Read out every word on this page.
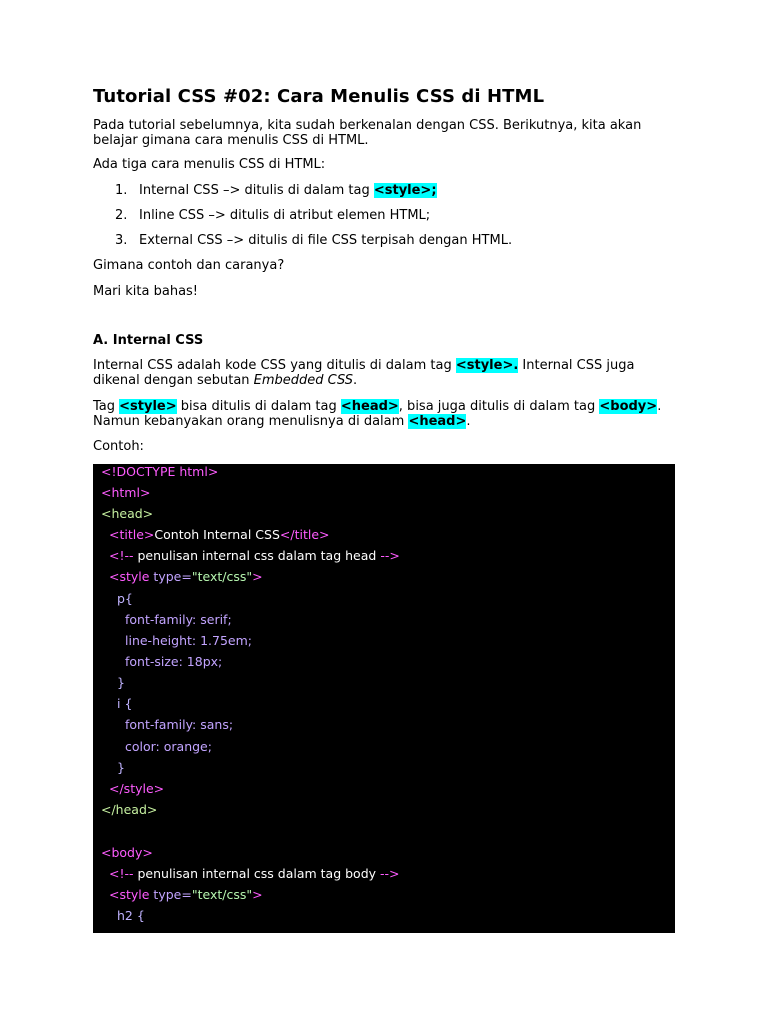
Tutorial CSS #02: Cara Menulis CSS di HTML

Pada tutorial sebelumnya, kita sudah berkenalan dengan CSS. Berikutnya, kita akan

belajar gimana cara menulis CSS di HTML.

Ada tiga cara menulis CSS di HTML:

1. Internal CSS –> ditulis di dalam tag <style>;
2. Inline CSS –> ditulis di atribut elemen HTML;
3. External CSS –> ditulis di file CSS terpisah dengan HTML.

Gimana contoh dan caranya?

Mari kita bahas!

A. Internal CSS

Internal CSS adalah kode CSS yang ditulis di dalam tag <style>. Internal CSS juga

dikenal dengan sebutan Embedded CSS.

Tag <style> bisa ditulis di dalam tag <head>, bisa juga ditulis di dalam tag <body>.

Namun kebanyakan orang menulisnya di dalam <head>.

Contoh:

<!DOCTYPE html>
<html>
<head>
<title>Contoh Internal CSS</title>
<!-- penulisan internal css dalam tag head -->
<style type="text/css">
p{
font-family: serif;
line-height: 1.75em;
font-size: 18px;
}
i {
font-family: sans;
color: orange;
}
</style>
</head>
<body>
<!-- penulisan internal css dalam tag body -->
<style type="text/css">
h2 {
